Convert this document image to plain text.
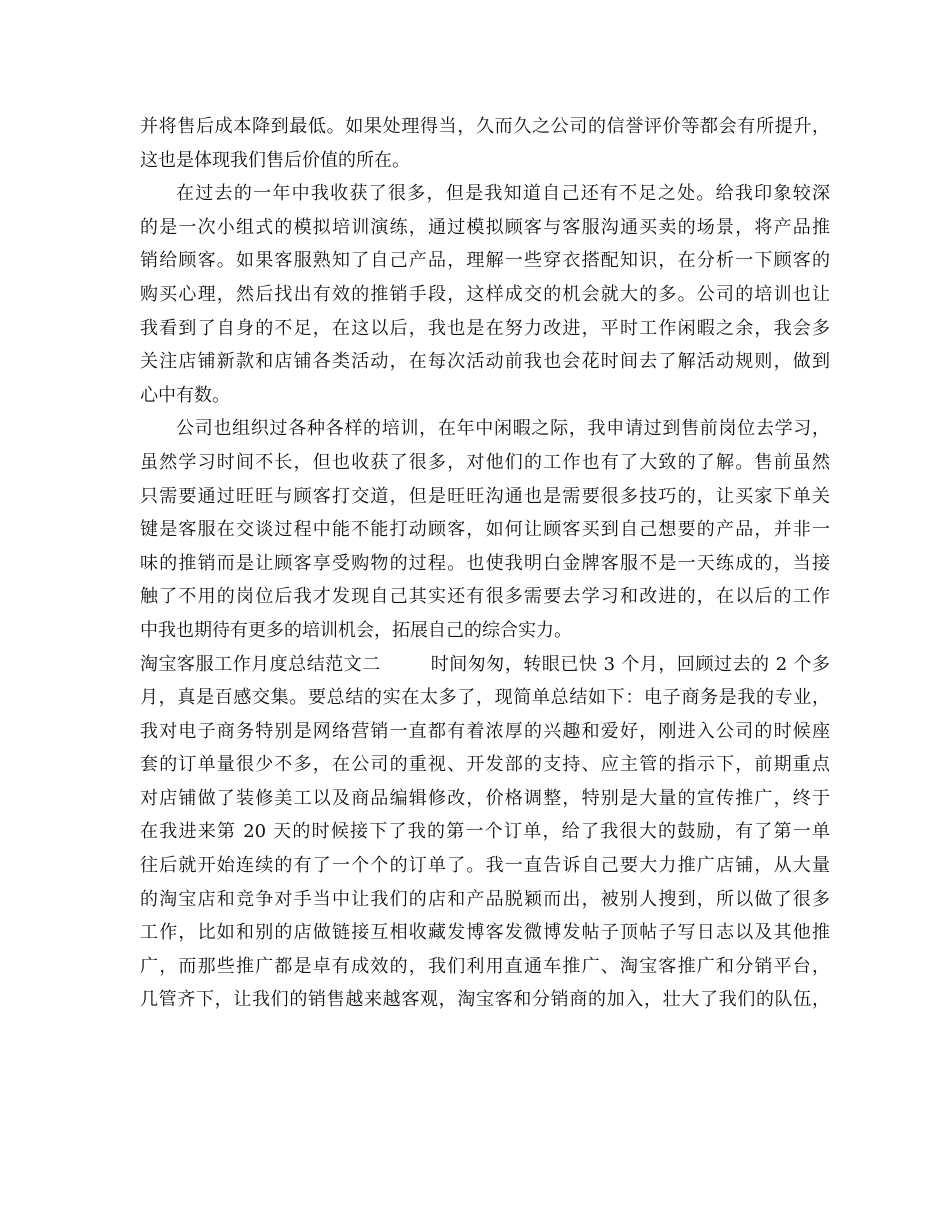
并将售后成本降到最低。如果处理得当，久而久之公司的信誉评价等都会有所提升，
这也是体现我们售后价值的所在。
在过去的一年中我收获了很多，但是我知道自己还有不足之处。给我印象较深
的是一次小组式的模拟培训演练，通过模拟顾客与客服沟通买卖的场景，将产品推
销给顾客。如果客服熟知了自己产品，理解一些穿衣搭配知识，在分析一下顾客的
购买心理，然后找出有效的推销手段，这样成交的机会就大的多。公司的培训也让
我看到了自身的不足，在这以后，我也是在努力改进，平时工作闲暇之余，我会多
关注店铺新款和店铺各类活动，在每次活动前我也会花时间去了解活动规则，做到
心中有数。
公司也组织过各种各样的培训，在年中闲暇之际，我申请过到售前岗位去学习，
虽然学习时间不长，但也收获了很多，对他们的工作也有了大致的了解。售前虽然
只需要通过旺旺与顾客打交道，但是旺旺沟通也是需要很多技巧的，让买家下单关
键是客服在交谈过程中能不能打动顾客，如何让顾客买到自己想要的产品，并非一
味的推销而是让顾客享受购物的过程。也使我明白金牌客服不是一天练成的，当接
触了不用的岗位后我才发现自己其实还有很多需要去学习和改进的，在以后的工作
中我也期待有更多的培训机会，拓展自己的综合实力。
淘宝客服工作月度总结范文二        时间匆匆，转眼已快 3 个月，回顾过去的 2 个多
月，真是百感交集。要总结的实在太多了，现简单总结如下：电子商务是我的专业，
我对电子商务特别是网络营销一直都有着浓厚的兴趣和爱好，刚进入公司的时候座
套的订单量很少不多，在公司的重视、开发部的支持、应主管的指示下，前期重点
对店铺做了装修美工以及商品编辑修改，价格调整，特别是大量的宣传推广，终于
在我进来第 20 天的时候接下了我的第一个订单，给了我很大的鼓励，有了第一单
往后就开始连续的有了一个个的订单了。我一直告诉自己要大力推广店铺，从大量
的淘宝店和竞争对手当中让我们的店和产品脱颖而出，被别人搜到，所以做了很多
工作，比如和别的店做链接互相收藏发博客发微博发帖子顶帖子写日志以及其他推
广，而那些推广都是卓有成效的，我们利用直通车推广、淘宝客推广和分销平台，
几管齐下，让我们的销售越来越客观，淘宝客和分销商的加入，壮大了我们的队伍，
